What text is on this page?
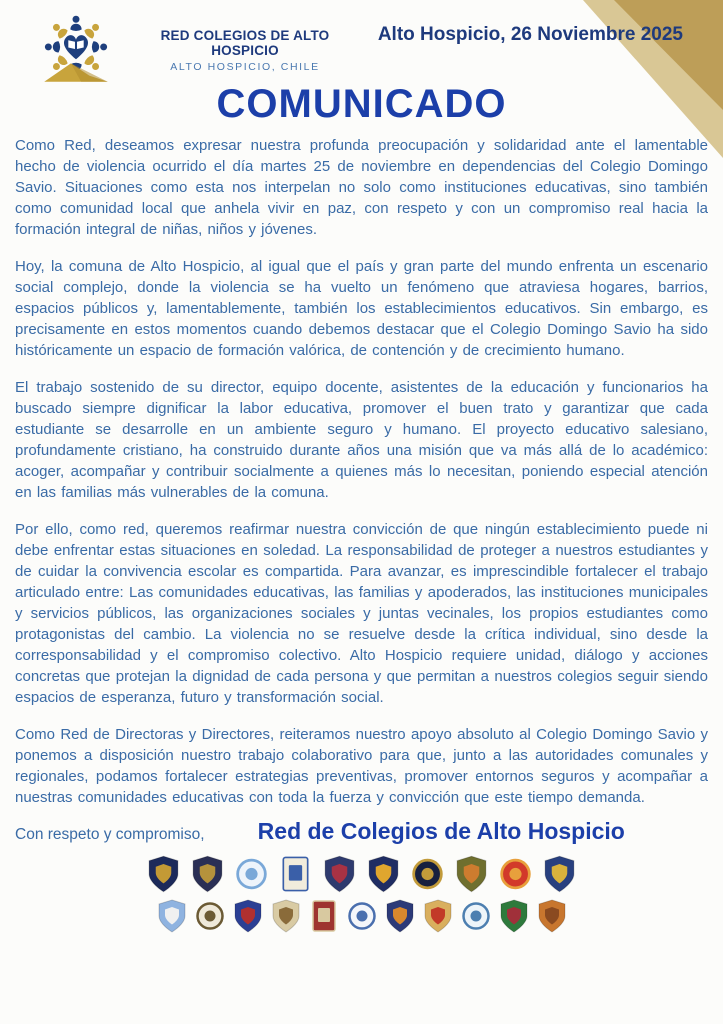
RED COLEGIOS DE ALTO HOSPICIO
ALTO HOSPICIO, CHILE
Alto Hospicio, 26 Noviembre 2025
COMUNICADO

Como Red, deseamos expresar nuestra profunda preocupación y solidaridad ante el lamentable hecho de violencia ocurrido el día martes 25 de noviembre en dependencias del Colegio Domingo Savio. Situaciones como esta nos interpelan no solo como instituciones educativas, sino también como comunidad local que anhela vivir en paz, con respeto y con un compromiso real hacia la formación integral de niñas, niños y jóvenes.

Hoy, la comuna de Alto Hospicio, al igual que el país y gran parte del mundo enfrenta un escenario social complejo, donde la violencia se ha vuelto un fenómeno que atraviesa hogares, barrios, espacios públicos y, lamentablemente, también los establecimientos educativos. Sin embargo, es precisamente en estos momentos cuando debemos destacar que el Colegio Domingo Savio ha sido históricamente un espacio de formación valórica, de contención y de crecimiento humano.

El trabajo sostenido de su director, equipo docente, asistentes de la educación y funcionarios ha buscado siempre dignificar la labor educativa, promover el buen trato y garantizar que cada estudiante se desarrolle en un ambiente seguro y humano. El proyecto educativo salesiano, profundamente cristiano, ha construido durante años una misión que va más allá de lo académico: acoger, acompañar y contribuir socialmente a quienes más lo necesitan, poniendo especial atención en las familias más vulnerables de la comuna.

Por ello, como red, queremos reafirmar nuestra convicción de que ningún establecimiento puede ni debe enfrentar estas situaciones en soledad. La responsabilidad de proteger a nuestros estudiantes y de cuidar la convivencia escolar es compartida. Para avanzar, es imprescindible fortalecer el trabajo articulado entre: Las comunidades educativas, las familias y apoderados, las instituciones municipales y servicios públicos, las organizaciones sociales y juntas vecinales, los propios estudiantes como protagonistas del cambio. La violencia no se resuelve desde la crítica individual, sino desde la corresponsabilidad y el compromiso colectivo. Alto Hospicio requiere unidad, diálogo y acciones concretas que protejan la dignidad de cada persona y que permitan a nuestros colegios seguir siendo espacios de esperanza, futuro y transformación social.

Como Red de Directoras y Directores, reiteramos nuestro apoyo absoluto al Colegio Domingo Savio y ponemos a disposición nuestro trabajo colaborativo para que, junto a las autoridades comunales y regionales, podamos fortalecer estrategias preventivas, promover entornos seguros y acompañar a nuestras comunidades educativas con toda la fuerza y convicción que este tiempo demanda.

Con respeto y compromiso,	Red de Colegios de Alto Hospicio
